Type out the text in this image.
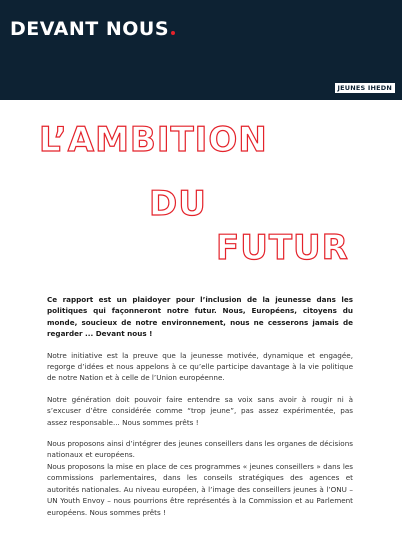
DEVANT NOUS
JEUNES IHEDN
L’AMBITION
DU
FUTUR

Ce rapport est un plaidoyer pour l’inclusion de la jeunesse dans les politiques qui façonneront notre futur. Nous, Européens, citoyens du monde, soucieux de notre environnement, nous ne cesserons jamais de regarder ... Devant nous !

Notre initiative est la preuve que la jeunesse motivée, dynamique et engagée, regorge d’idées et nous appelons à ce qu’elle participe davantage à la vie politique de notre Nation et à celle de l’Union européenne.

Notre génération doit pouvoir faire entendre sa voix sans avoir à rougir ni à s’excuser d’être considérée comme “trop jeune”, pas assez expérimentée, pas assez responsable... Nous sommes prêts !

Nous proposons ainsi d’intégrer des jeunes conseillers dans les organes de décisions nationaux et européens.

Nous proposons la mise en place de ces programmes « jeunes conseillers » dans les commissions parlementaires, dans les conseils stratégiques des agences et autorités nationales. Au niveau européen, à l’image des conseillers jeunes à l’ONU – UN Youth Envoy – nous pourrions être représentés à la Commission et au Parlement européens. Nous sommes prêts !
